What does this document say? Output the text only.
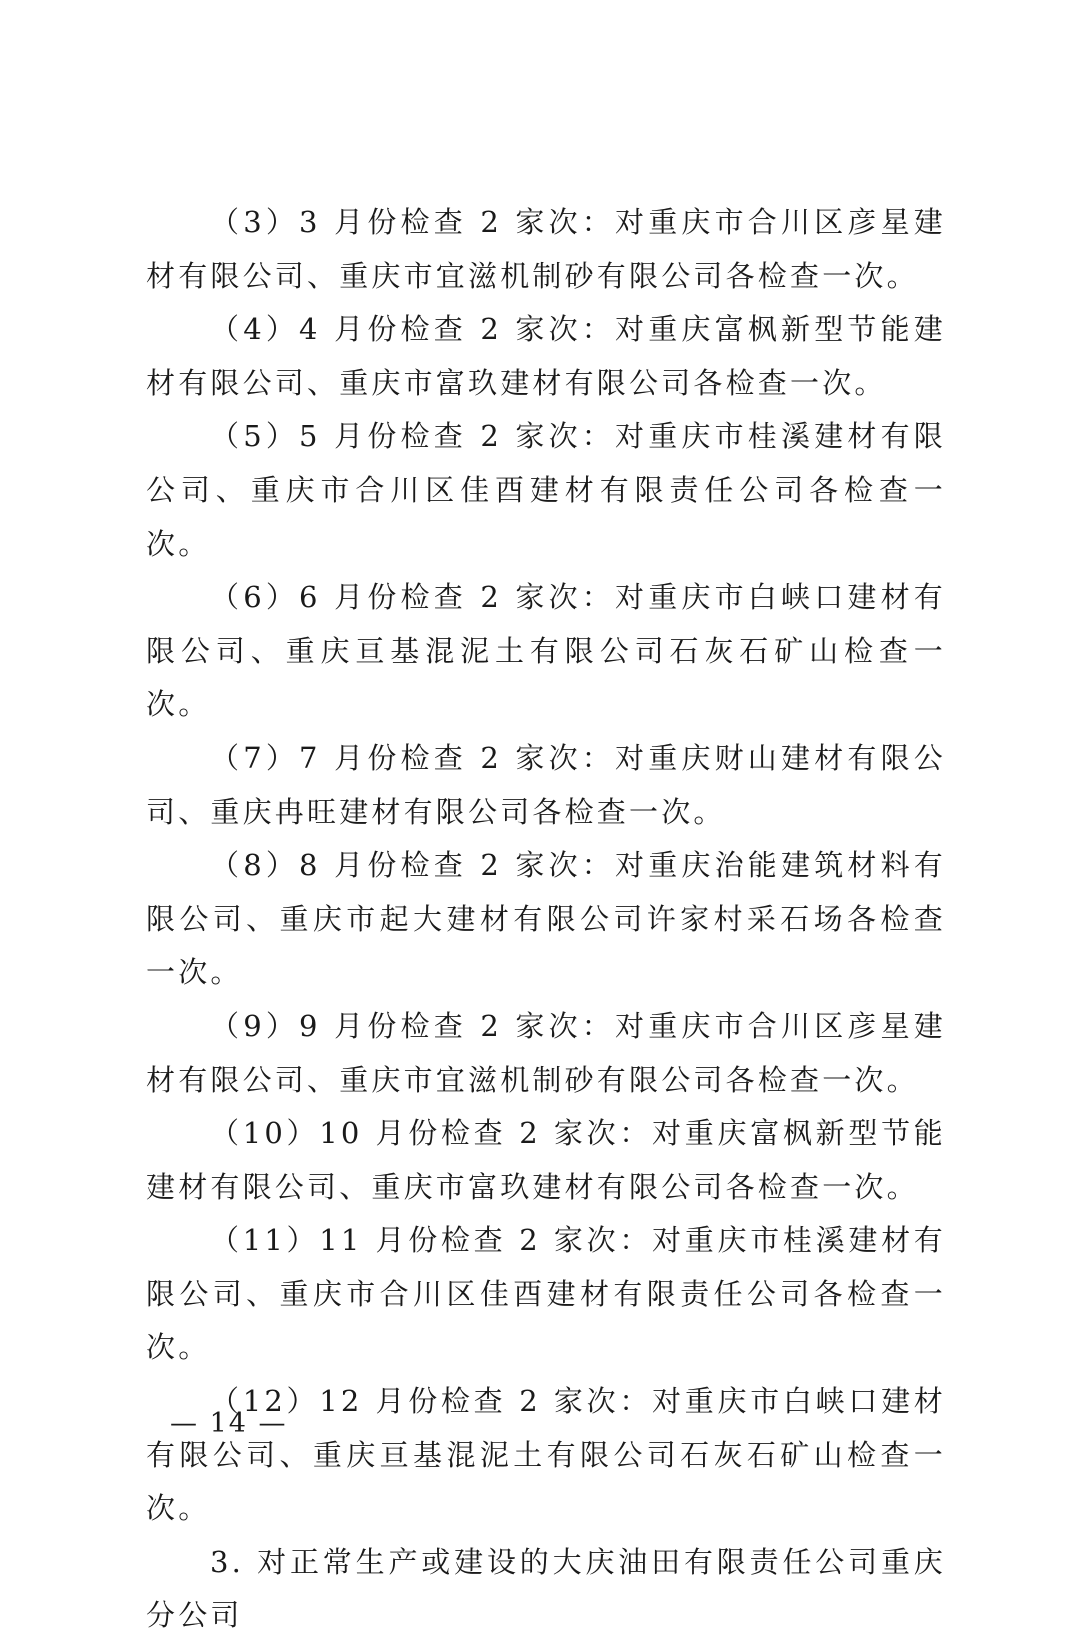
（3）3 月份检查 2 家次：对重庆市合川区彦星建材有限公司、重庆市宜滋机制砂有限公司各检查一次。

（4）4 月份检查 2 家次：对重庆富枫新型节能建材有限公司、重庆市富玖建材有限公司各检查一次。

（5）5 月份检查 2 家次：对重庆市桂溪建材有限公司、重庆市合川区佳酉建材有限责任公司各检查一次。

（6）6 月份检查 2 家次：对重庆市白峡口建材有限公司、重庆亘基混泥土有限公司石灰石矿山检查一次。

（7）7 月份检查 2 家次：对重庆财山建材有限公司、重庆冉旺建材有限公司各检查一次。

（8）8 月份检查 2 家次：对重庆治能建筑材料有限公司、重庆市起大建材有限公司许家村采石场各检查一次。

（9）9 月份检查 2 家次：对重庆市合川区彦星建材有限公司、重庆市宜滋机制砂有限公司各检查一次。

（10）10 月份检查 2 家次：对重庆富枫新型节能建材有限公司、重庆市富玖建材有限公司各检查一次。

（11）11 月份检查 2 家次：对重庆市桂溪建材有限公司、重庆市合川区佳酉建材有限责任公司各检查一次。

（12）12 月份检查 2 家次：对重庆市白峡口建材有限公司、重庆亘基混泥土有限公司石灰石矿山检查一次。

3. 对正常生产或建设的大庆油田有限责任公司重庆分公司

— 14 —
